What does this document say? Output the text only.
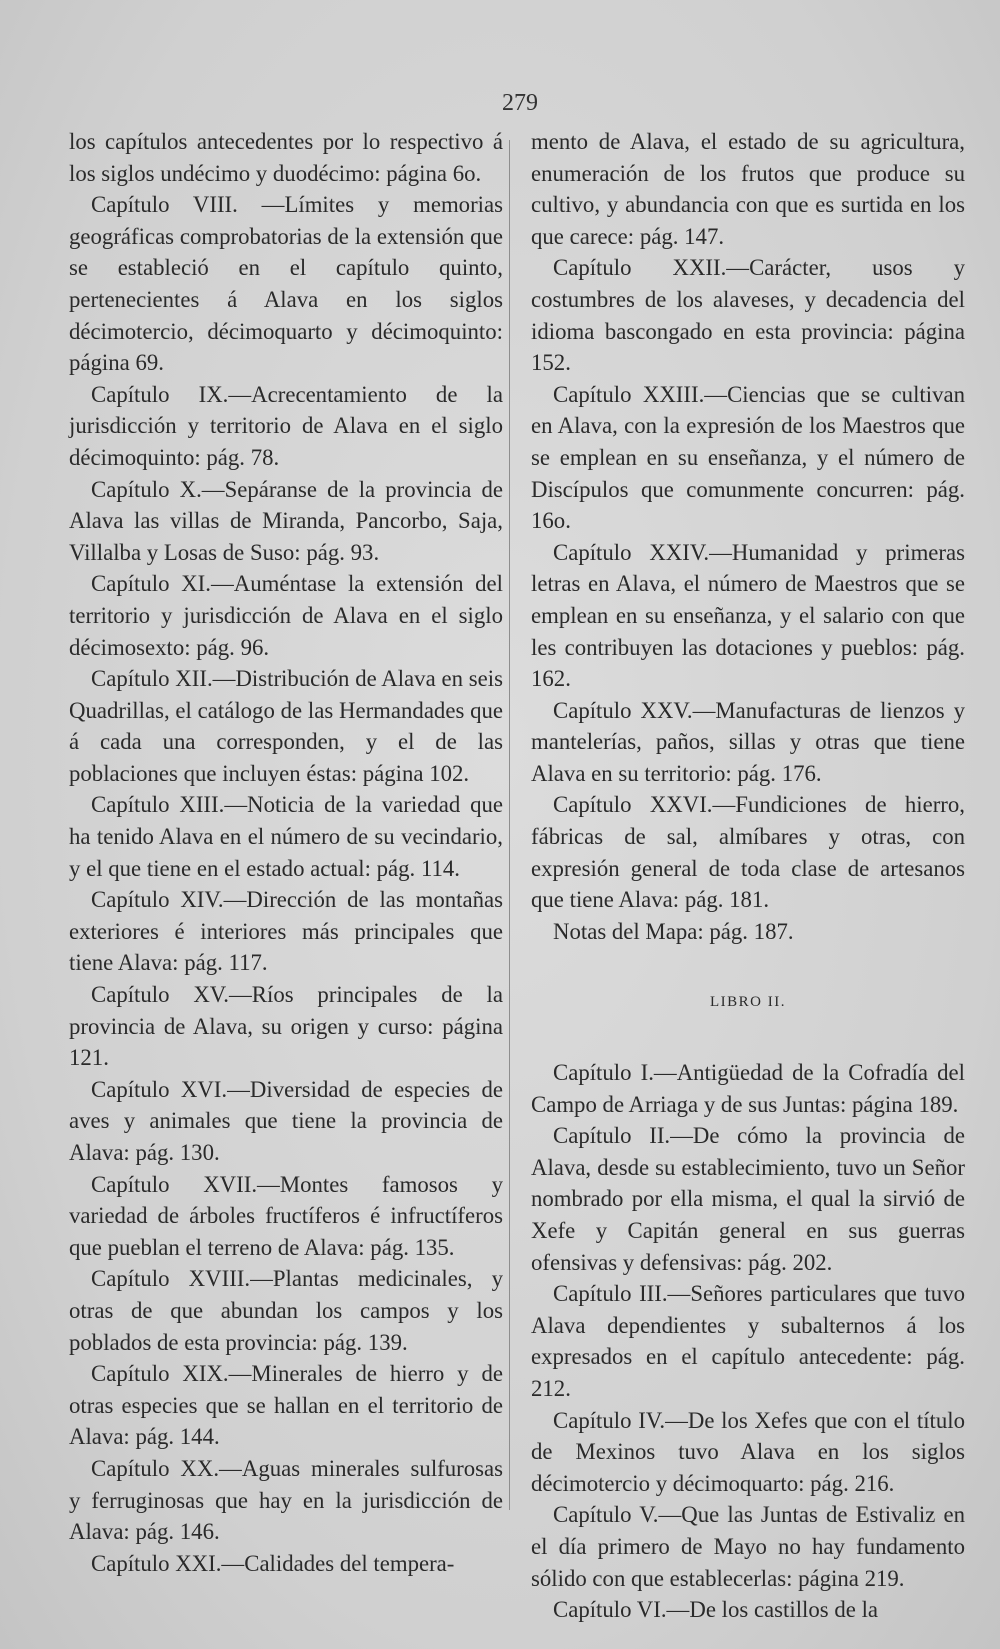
279

los capítulos antecedentes por lo respectivo á los siglos undécimo y duodécimo: página 6o.

Capítulo VIII. —Límites y memorias geográficas comprobatorias de la extensión que se estableció en el capítulo quinto, pertenecientes á Alava en los siglos décimotercio, décimoquarto y décimoquinto: página 69.

Capítulo IX.—Acrecentamiento de la jurisdicción y territorio de Alava en el siglo décimoquinto: pág. 78.

Capítulo X.—Sepáranse de la provincia de Alava las villas de Miranda, Pancorbo, Saja, Villalba y Losas de Suso: pág. 93.

Capítulo XI.—Auméntase la extensión del territorio y jurisdicción de Alava en el siglo décimosexto: pág. 96.

Capítulo XII.—Distribución de Alava en seis Quadrillas, el catálogo de las Hermandades que á cada una corresponden, y el de las poblaciones que incluyen éstas: página 102.

Capítulo XIII.—Noticia de la variedad que ha tenido Alava en el número de su vecindario, y el que tiene en el estado actual: pág. 114.

Capítulo XIV.—Dirección de las montañas exteriores é interiores más principales que tiene Alava: pág. 117.

Capítulo XV.—Ríos principales de la provincia de Alava, su origen y curso: página 121.

Capítulo XVI.—Diversidad de especies de aves y animales que tiene la provincia de Alava: pág. 130.

Capítulo XVII.—Montes famosos y variedad de árboles fructíferos é infructíferos que pueblan el terreno de Alava: pág. 135.

Capítulo XVIII.—Plantas medicinales, y otras de que abundan los campos y los poblados de esta provincia: pág. 139.

Capítulo XIX.—Minerales de hierro y de otras especies que se hallan en el territorio de Alava: pág. 144.

Capítulo XX.—Aguas minerales sulfurosas y ferruginosas que hay en la jurisdicción de Alava: pág. 146.

Capítulo XXI.—Calidades del tempera-

mento de Alava, el estado de su agricultura, enumeración de los frutos que produce su cultivo, y abundancia con que es surtida en los que carece: pág. 147.

Capítulo XXII.—Carácter, usos y costumbres de los alaveses, y decadencia del idioma bascongado en esta provincia: página 152.

Capítulo XXIII.—Ciencias que se cultivan en Alava, con la expresión de los Maestros que se emplean en su enseñanza, y el número de Discípulos que comunmente concurren: pág. 16o.

Capítulo XXIV.—Humanidad y primeras letras en Alava, el número de Maestros que se emplean en su enseñanza, y el salario con que les contribuyen las dotaciones y pueblos: pág. 162.

Capítulo XXV.—Manufacturas de lienzos y mantelerías, paños, sillas y otras que tiene Alava en su territorio: pág. 176.

Capítulo XXVI.—Fundiciones de hierro, fábricas de sal, almíbares y otras, con expresión general de toda clase de artesanos que tiene Alava: pág. 181.

Notas del Mapa: pág. 187.

LIBRO II.

Capítulo I.—Antigüedad de la Cofradía del Campo de Arriaga y de sus Juntas: página 189.

Capítulo II.—De cómo la provincia de Alava, desde su establecimiento, tuvo un Señor nombrado por ella misma, el qual la sirvió de Xefe y Capitán general en sus guerras ofensivas y defensivas: pág. 202.

Capítulo III.—Señores particulares que tuvo Alava dependientes y subalternos á los expresados en el capítulo antecedente: pág. 212.

Capítulo IV.—De los Xefes que con el título de Mexinos tuvo Alava en los siglos décimotercio y décimoquarto: pág. 216.

Capítulo V.—Que las Juntas de Estivaliz en el día primero de Mayo no hay fundamento sólido con que establecerlas: página 219.

Capítulo VI.—De los castillos de la
